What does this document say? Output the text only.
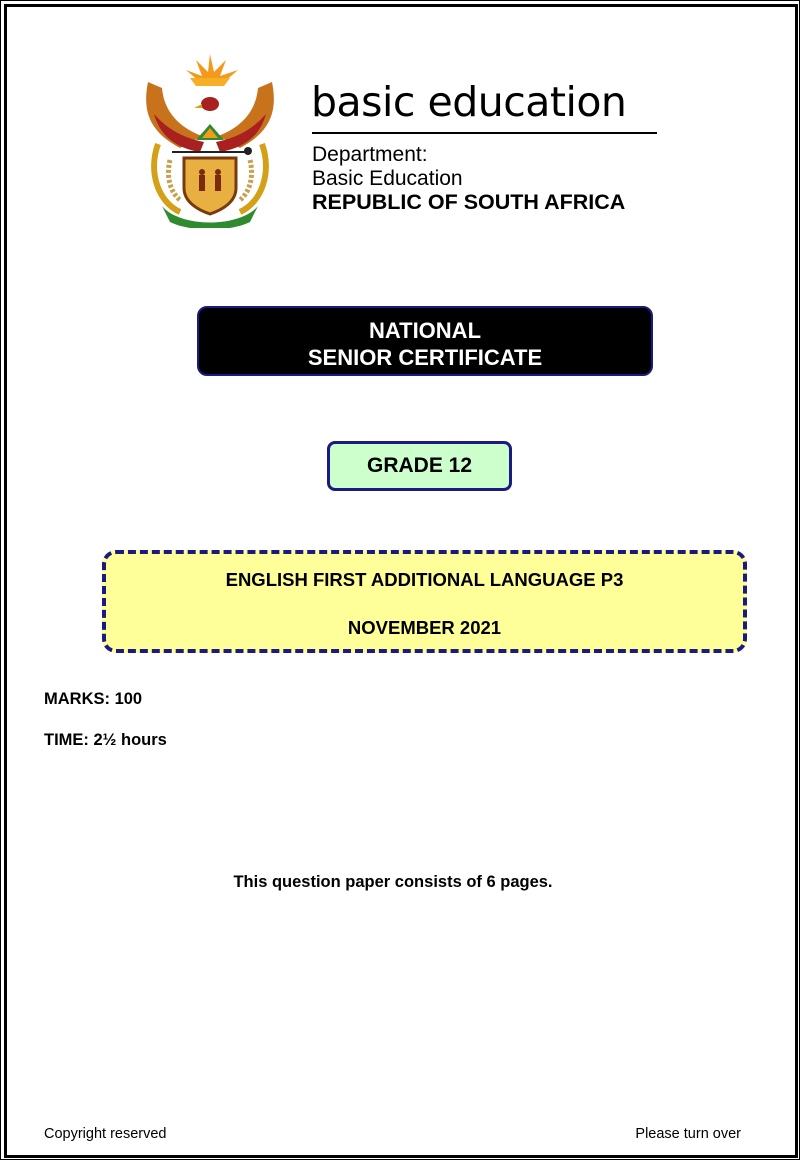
basic education
Department:
Basic Education
REPUBLIC OF SOUTH AFRICA
NATIONAL
SENIOR CERTIFICATE
GRADE 12
ENGLISH FIRST ADDITIONAL LANGUAGE P3
NOVEMBER 2021
MARKS: 100
TIME: 2½ hours
This question paper consists of 6 pages.
Copyright reserved	Please turn over
